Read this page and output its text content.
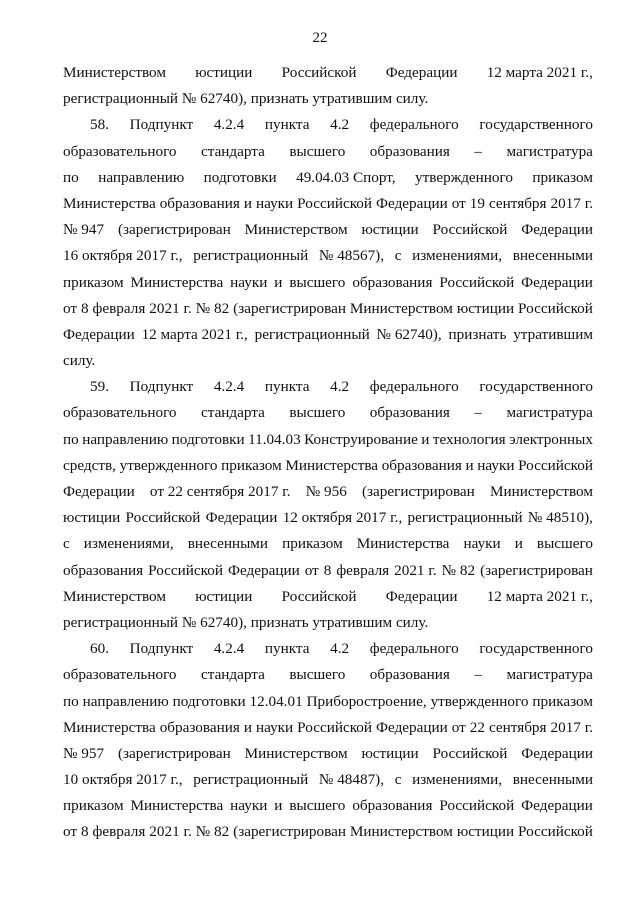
22
Министерством юстиции Российской Федерации 12 марта 2021 г.,
регистрационный № 62740), признать утратившим силу.
58. Подпункт 4.2.4 пункта 4.2 федерального государственного
образовательного стандарта высшего образования – магистратура
по направлению подготовки 49.04.03 Спорт, утвержденного приказом
Министерства образования и науки Российской Федерации от 19 сентября 2017 г.
№ 947 (зарегистрирован Министерством юстиции Российской Федерации
16 октября 2017 г., регистрационный № 48567), с изменениями, внесенными
приказом Министерства науки и высшего образования Российской Федерации
от 8 февраля 2021 г. № 82 (зарегистрирован Министерством юстиции Российской
Федерации 12 марта 2021 г., регистрационный № 62740), признать утратившим
силу.
59. Подпункт 4.2.4 пункта 4.2 федерального государственного
образовательного стандарта высшего образования – магистратура
по направлению подготовки 11.04.03 Конструирование и технология электронных
средств, утвержденного приказом Министерства образования и науки Российской
Федерации от 22 сентября 2017 г. № 956 (зарегистрирован Министерством
юстиции Российской Федерации 12 октября 2017 г., регистрационный № 48510),
с изменениями, внесенными приказом Министерства науки и высшего
образования Российской Федерации от 8 февраля 2021 г. № 82 (зарегистрирован
Министерством юстиции Российской Федерации 12 марта 2021 г.,
регистрационный № 62740), признать утратившим силу.
60. Подпункт 4.2.4 пункта 4.2 федерального государственного
образовательного стандарта высшего образования – магистратура
по направлению подготовки 12.04.01 Приборостроение, утвержденного приказом
Министерства образования и науки Российской Федерации от 22 сентября 2017 г.
№ 957 (зарегистрирован Министерством юстиции Российской Федерации
10 октября 2017 г., регистрационный № 48487), с изменениями, внесенными
приказом Министерства науки и высшего образования Российской Федерации
от 8 февраля 2021 г. № 82 (зарегистрирован Министерством юстиции Российской
